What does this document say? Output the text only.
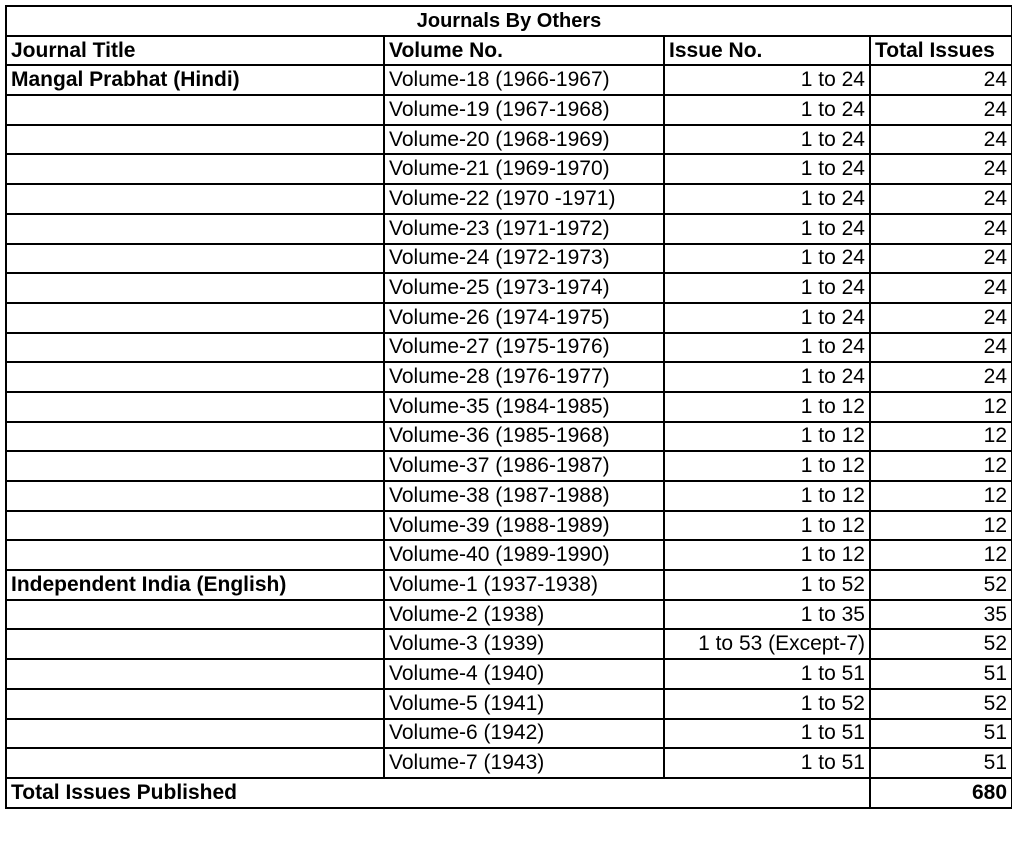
Journals By Others			
Journal Title	Volume No.	Issue No.	Total Issues
Mangal Prabhat (Hindi)	Volume-18 (1966-1967)	1 to 24	24
	Volume-19 (1967-1968)	1 to 24	24
	Volume-20 (1968-1969)	1 to 24	24
	Volume-21 (1969-1970)	1 to 24	24
	Volume-22 (1970 -1971)	1 to 24	24
	Volume-23 (1971-1972)	1 to 24	24
	Volume-24 (1972-1973)	1 to 24	24
	Volume-25 (1973-1974)	1 to 24	24
	Volume-26 (1974-1975)	1 to 24	24
	Volume-27 (1975-1976)	1 to 24	24
	Volume-28 (1976-1977)	1 to 24	24
	Volume-35 (1984-1985)	1 to 12	12
	Volume-36 (1985-1968)	1 to 12	12
	Volume-37 (1986-1987)	1 to 12	12
	Volume-38 (1987-1988)	1 to 12	12
	Volume-39 (1988-1989)	1 to 12	12
	Volume-40 (1989-1990)	1 to 12	12
Independent India (English)	Volume-1 (1937-1938)	1 to 52	52
	Volume-2 (1938)	1 to 35	35
	Volume-3 (1939)	1 to 53 (Except-7)	52
	Volume-4 (1940)	1 to 51	51
	Volume-5 (1941)	1 to 52	52
	Volume-6 (1942)	1 to 51	51
	Volume-7 (1943)	1 to 51	51
Total Issues Published			680
